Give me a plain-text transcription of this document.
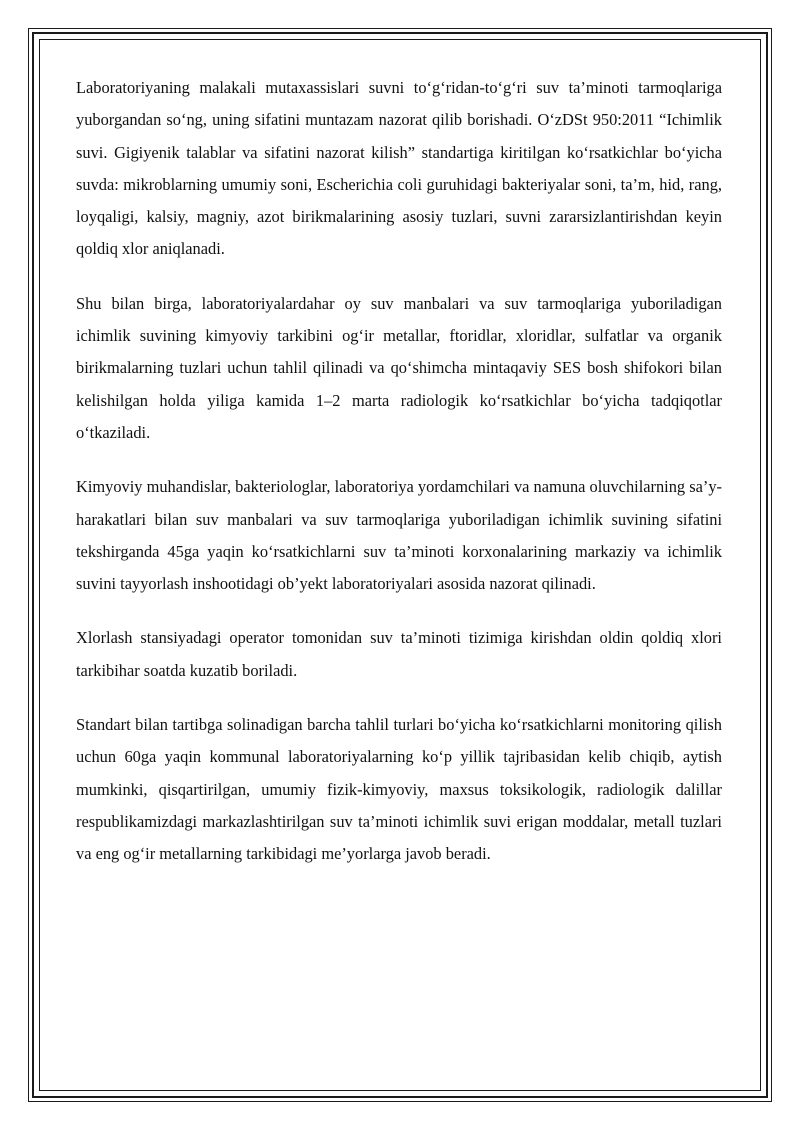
Laboratoriyaning malakali mutaxassislari suvni to‘g‘ridan-to‘g‘ri suv ta’minoti tarmoqlariga yuborgandan so‘ng, uning sifatini muntazam nazorat qilib borishadi. O‘zDSt 950:2011 “Ichimlik suvi. Gigiyenik talablar va sifatini nazorat kilish” standartiga kiritilgan ko‘rsatkichlar bo‘yicha suvda: mikroblarning umumiy soni, Escherichia coli guruhidagi bakteriyalar soni, ta’m, hid, rang, loyqaligi, kalsiy, magniy, azot birikmalarining asosiy tuzlari, suvni zararsizlantirishdan keyin qoldiq xlor aniqlanadi.

Shu bilan birga, laboratoriyalardahar oy suv manbalari va suv tarmoqlariga yuboriladigan ichimlik suvining kimyoviy tarkibini og‘ir metallar, ftoridlar, xloridlar, sulfatlar va organik birikmalarning tuzlari uchun tahlil qilinadi va qo‘shimcha mintaqaviy SES bosh shifokori bilan kelishilgan holda yiliga kamida 1–2 marta radiologik ko‘rsatkichlar bo‘yicha tadqiqotlar o‘tkaziladi.

Kimyoviy muhandislar, bakteriologlar, laboratoriya yordamchilari va namuna oluvchilarning sa’y-harakatlari bilan suv manbalari va suv tarmoqlariga yuboriladigan ichimlik suvining sifatini tekshirganda 45ga yaqin ko‘rsatkichlarni suv ta’minoti korxonalarining markaziy va ichimlik suvini tayyorlash inshootidagi ob’yekt laboratoriyalari asosida nazorat qilinadi.

Xlorlash stansiyadagi operator tomonidan suv ta’minoti tizimiga kirishdan oldin qoldiq xlori tarkibihar soatda kuzatib boriladi.

Standart bilan tartibga solinadigan barcha tahlil turlari bo‘yicha ko‘rsatkichlarni monitoring qilish uchun 60ga yaqin kommunal laboratoriyalarning ko‘p yillik tajribasidan kelib chiqib, aytish mumkinki, qisqartirilgan, umumiy fizik-kimyoviy, maxsus toksikologik, radiologik dalillar respublikamizdagi markazlashtirilgan suv ta’minoti ichimlik suvi erigan moddalar, metall tuzlari va eng og‘ir metallarning tarkibidagi me’yorlarga javob beradi.
